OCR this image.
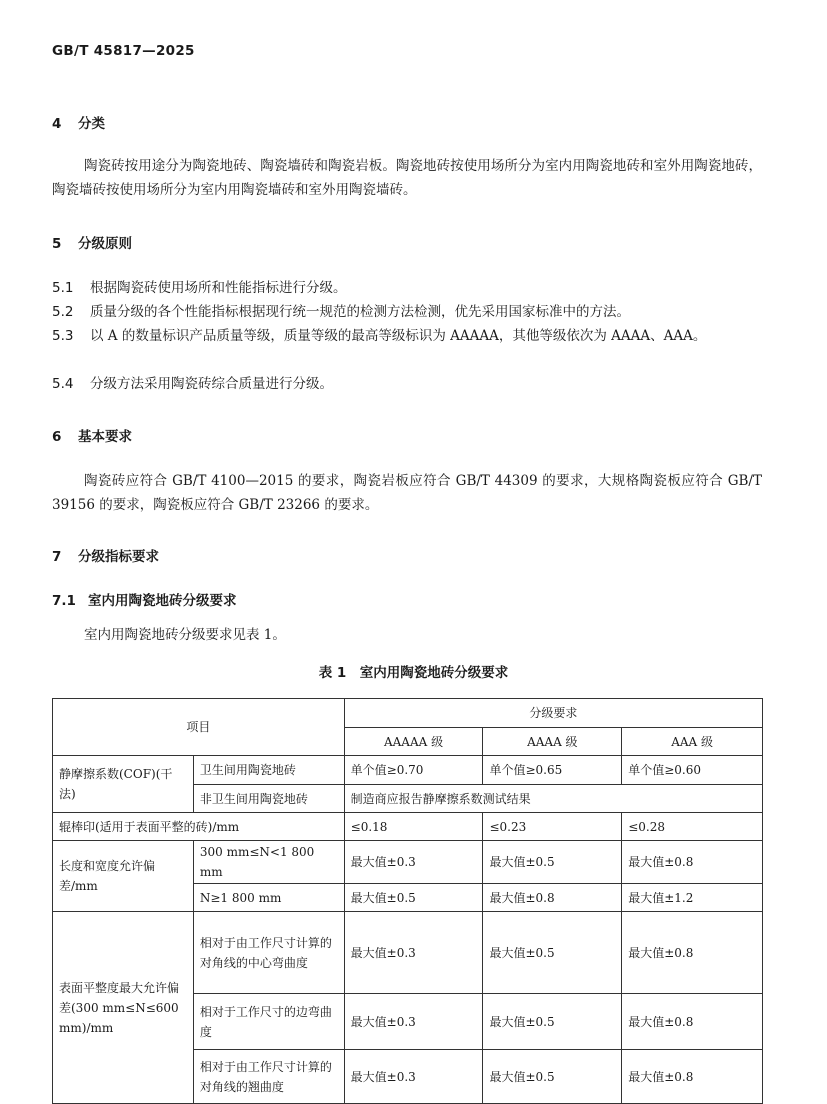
GB/T 45817—2025
4 分类
陶瓷砖按用途分为陶瓷地砖、陶瓷墙砖和陶瓷岩板。陶瓷地砖按使用场所分为室内用陶瓷地砖和室外用陶瓷地砖，陶瓷墙砖按使用场所分为室内用陶瓷墙砖和室外用陶瓷墙砖。
5 分级原则
5.1 根据陶瓷砖使用场所和性能指标进行分级。
5.2 质量分级的各个性能指标根据现行统一规范的检测方法检测，优先采用国家标准中的方法。
5.3 以 A 的数量标识产品质量等级，质量等级的最高等级标识为 AAAAA，其他等级依次为 AAAA、AAA。
5.4 分级方法采用陶瓷砖综合质量进行分级。
6 基本要求
陶瓷砖应符合 GB/T 4100—2015 的要求，陶瓷岩板应符合 GB/T 44309 的要求，大规格陶瓷板应符合 GB/T 39156 的要求，陶瓷板应符合 GB/T 23266 的要求。
7 分级指标要求
7.1 室内用陶瓷地砖分级要求
室内用陶瓷地砖分级要求见表 1。
表 1　室内用陶瓷地砖分级要求
项目		分级要求		
		AAAAA 级	AAAA 级	AAA 级
静摩擦系数(COF)(干法)	卫生间用陶瓷地砖	单个值≥0.70	单个值≥0.65	单个值≥0.60
	非卫生间用陶瓷地砖	制造商应报告静摩擦系数测试结果		
辊棒印(适用于表面平整的砖)/mm		≤0.18	≤0.23	≤0.28
长度和宽度允许偏差/mm	300 mm≤N<1 800 mm	最大值±0.3	最大值±0.5	最大值±0.8
	N≥1 800 mm	最大值±0.5	最大值±0.8	最大值±1.2
表面平整度最大允许偏差(300 mm≤N≤600 mm)/mm	相对于由工作尺寸计算的对角线的中心弯曲度	最大值±0.3	最大值±0.5	最大值±0.8
	相对于工作尺寸的边弯曲度	最大值±0.3	最大值±0.5	最大值±0.8
	相对于由工作尺寸计算的对角线的翘曲度	最大值±0.3	最大值±0.5	最大值±0.8
